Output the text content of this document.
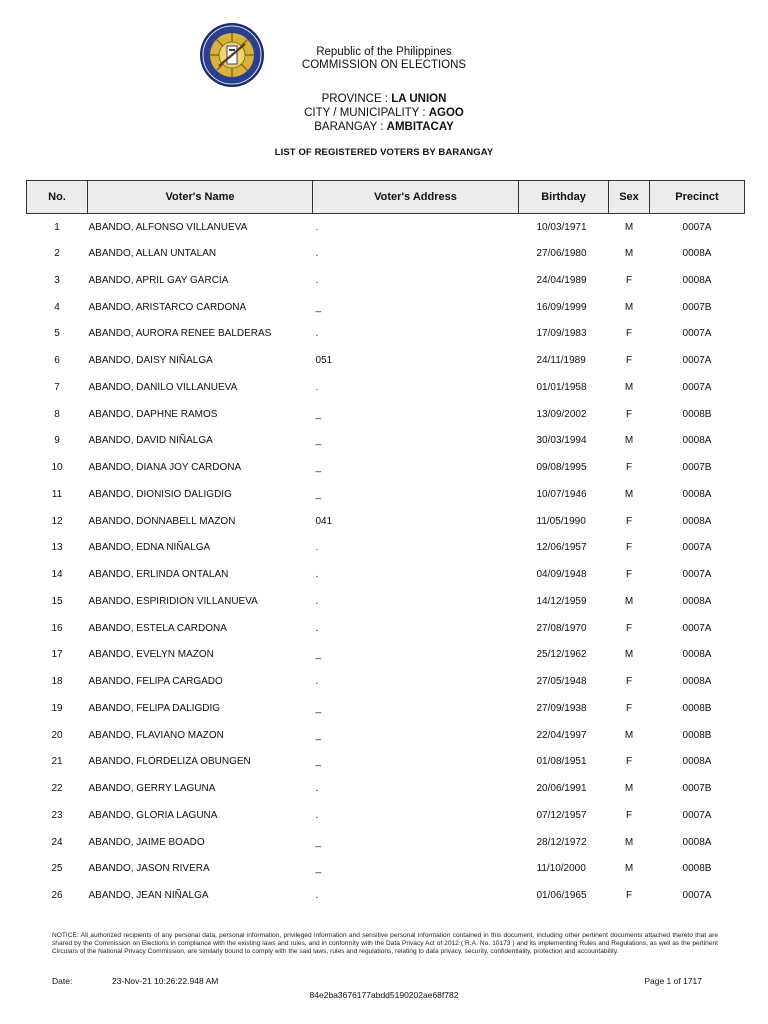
Republic of the Philippines
COMMISSION ON ELECTIONS
PROVINCE : LA UNION
CITY / MUNICIPALITY : AGOO
BARANGAY : AMBITACAY
LIST OF REGISTERED VOTERS BY BARANGAY
No.	Voter's Name	Voter's Address	Birthday	Sex	Precinct
1	ABANDO, ALFONSO VILLANUEVA	.	10/03/1971	M	0007A
2	ABANDO, ALLAN UNTALAN	.	27/06/1980	M	0008A
3	ABANDO, APRIL GAY GARCIA	.	24/04/1989	F	0008A
4	ABANDO, ARISTARCO CARDONA	_	16/09/1999	M	0007B
5	ABANDO, AURORA RENEE BALDERAS	.	17/09/1983	F	0007A
6	ABANDO, DAISY NIÑALGA	051	24/11/1989	F	0007A
7	ABANDO, DANILO VILLANUEVA	.	01/01/1958	M	0007A
8	ABANDO, DAPHNE RAMOS	_	13/09/2002	F	0008B
9	ABANDO, DAVID NIÑALGA	_	30/03/1994	M	0008A
10	ABANDO, DIANA JOY CARDONA	_	09/08/1995	F	0007B
11	ABANDO, DIONISIO DALIGDIG	_	10/07/1946	M	0008A
12	ABANDO, DONNABELL MAZON	041	11/05/1990	F	0008A
13	ABANDO, EDNA NIÑALGA	.	12/06/1957	F	0007A
14	ABANDO, ERLINDA ONTALAN	.	04/09/1948	F	0007A
15	ABANDO, ESPIRIDION VILLANUEVA	.	14/12/1959	M	0008A
16	ABANDO, ESTELA CARDONA	.	27/08/1970	F	0007A
17	ABANDO, EVELYN MAZON	_	25/12/1962	M	0008A
18	ABANDO, FELIPA CARGADO	.	27/05/1948	F	0008A
19	ABANDO, FELIPA DALIGDIG	_	27/09/1938	F	0008B
20	ABANDO, FLAVIANO MAZON	_	22/04/1997	M	0008B
21	ABANDO, FLORDELIZA OBUNGEN	_	01/08/1951	F	0008A
22	ABANDO, GERRY LAGUNA	.	20/06/1991	M	0007B
23	ABANDO, GLORIA LAGUNA	.	07/12/1957	F	0007A
24	ABANDO, JAIME BOADO	_	28/12/1972	M	0008A
25	ABANDO, JASON RIVERA	_	11/10/2000	M	0008B
26	ABANDO, JEAN NIÑALGA	.	01/06/1965	F	0007A
NOTICE: All authorized recipients of any personal data, personal information, privileged information and sensitive personal information contained in this document, including other pertinent documents attached thereto that are shared by the Commission on Elections in compliance with the existing laws and rules, and in conformity with the Data Privacy Act of 2012 ( R.A. No. 10173 ) and its implementing Rules and Regulations, as well as the pertinent Circulars of the National Privacy Commission, are similarly bound to comply with the said laws, rules and regulations, relating to data privacy, security, confidentiality, protection and accountability.
Date:	23-Nov-21 10:26:22.948 AM	Page 1 of 1717
84e2ba3676177abdd5190202ae68f782
